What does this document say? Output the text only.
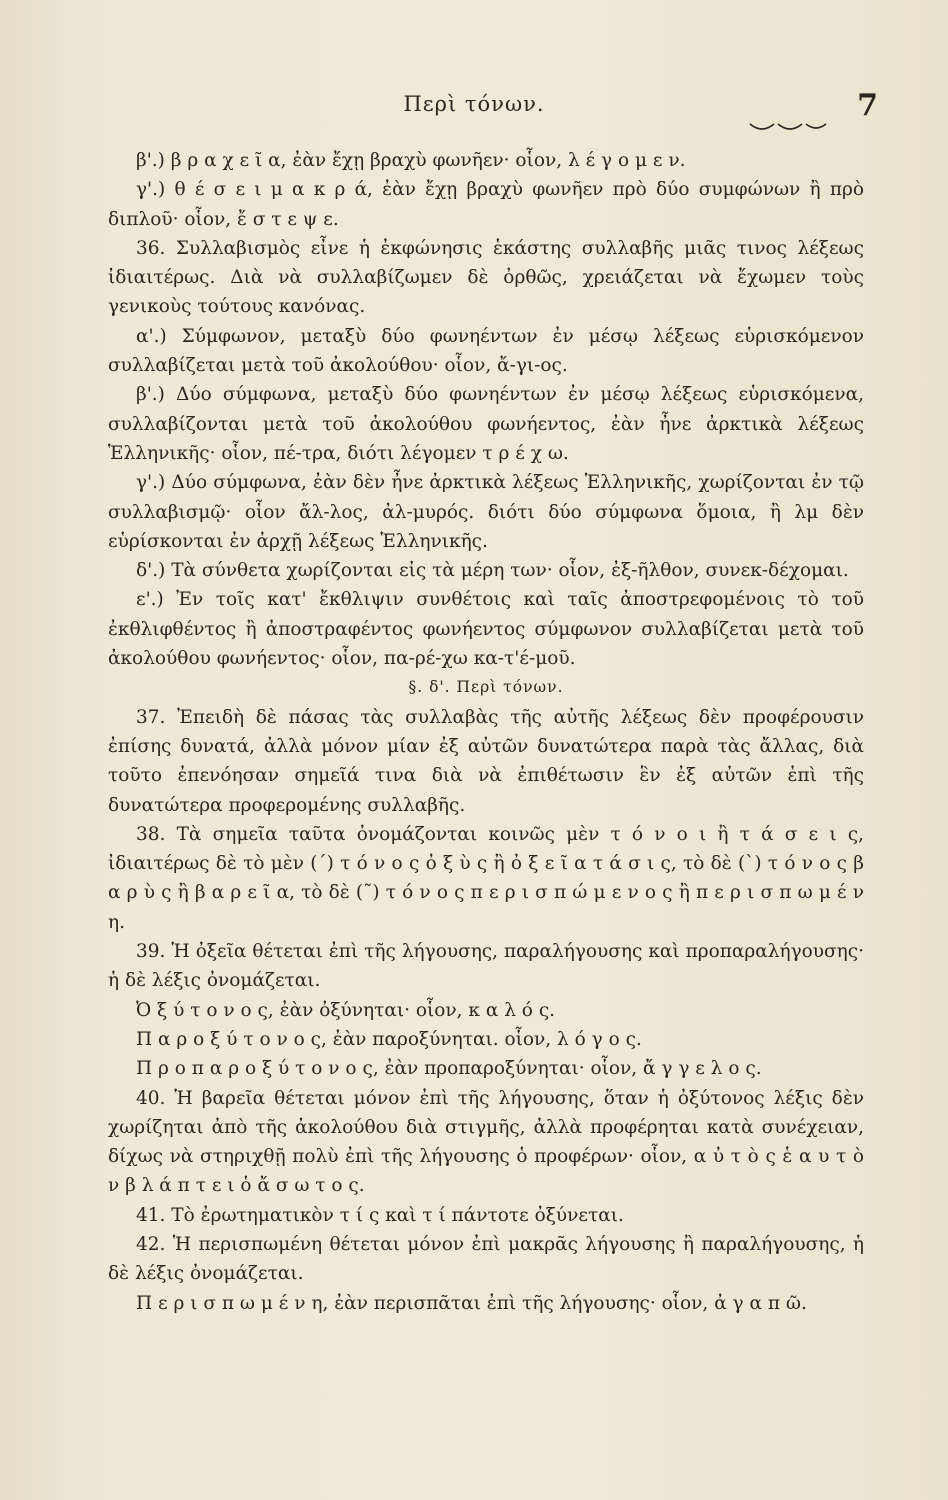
Περὶ τόνων.	7

β'.) β ρ α χ ε ῖ α, ἐὰν ἔχῃ βραχὺ φωνῆεν· οἷον, λ έ γ ο μ ε ν.

γ'.) θ έ σ ε ι μ α κ ρ ά, ἐὰν ἔχῃ βραχὺ φωνῆεν πρὸ δύο συμφώνων ἢ πρὸ διπλοῦ· οἷον, ἔ σ τ ε ψ ε.

36. Συλλαβισμὸς εἶνε ἡ ἐκφώνησις ἑκάστης συλλαβῆς μιᾶς τινος λέξεως ἰδιαιτέρως. Διὰ νὰ συλλαβίζωμεν δὲ ὀρθῶς, χρειάζεται νὰ ἔχωμεν τοὺς γενικοὺς τούτους κανόνας.

α'.) Σύμφωνον, μεταξὺ δύο φωνηέντων ἐν μέσῳ λέξεως εὑρισκόμενον συλλαβίζεται μετὰ τοῦ ἀκολούθου· οἷον, ἄ-γι-ος.

β'.) Δύο σύμφωνα, μεταξὺ δύο φωνηέντων ἐν μέσῳ λέξεως εὑρισκόμενα, συλλαβίζονται μετὰ τοῦ ἀκολούθου φωνήεντος, ἐὰν ἦνε ἀρκτικὰ λέξεως Ἑλληνικῆς· οἷον, πέ-τρα, διότι λέγομεν τ ρ έ χ ω.

γ'.) Δύο σύμφωνα, ἐὰν δὲν ἦνε ἀρκτικὰ λέξεως Ἑλληνικῆς, χωρίζονται ἐν τῷ συλλαβισμῷ· οἷον ἄλ-λος, ἀλ-μυρός. διότι δύο σύμφωνα ὅμοια, ἢ λμ δὲν εὑρίσκονται ἐν ἀρχῇ λέξεως Ἑλληνικῆς.

δ'.) Τὰ σύνθετα χωρίζονται εἰς τὰ μέρη των· οἷον, ἐξ-ῆλθον, συνεκ-δέχομαι.

ε'.) Ἐν τοῖς κατ' ἔκθλιψιν συνθέτοις καὶ ταῖς ἀποστρεφομένοις τὸ τοῦ ἐκθλιφθέντος ἢ ἀποστραφέντος φωνήεντος σύμφωνον συλλαβίζεται μετὰ τοῦ ἀκολούθου φωνήεντος· οἷον, πα-ρέ-χω κα-τ'έ-μοῦ.

§. δ'. Περὶ τόνων.

37. Ἐπειδὴ δὲ πάσας τὰς συλλαβὰς τῆς αὐτῆς λέξεως δὲν προφέρουσιν ἐπίσης δυνατά, ἀλλὰ μόνον μίαν ἐξ αὐτῶν δυνατώτερα παρὰ τὰς ἄλλας, διὰ τοῦτο ἐπενόησαν σημεῖά τινα διὰ νὰ ἐπιθέτωσιν ἓν ἐξ αὐτῶν ἐπὶ τῆς δυνατώτερα προφερομένης συλλαβῆς.

38. Τὰ σημεῖα ταῦτα ὀνομάζονται κοινῶς μὲν τ ό ν ο ι ἢ τ ά σ ε ι ς, ἰδιαιτέρως δὲ τὸ μὲν (´) τ ό ν ο ς ὀ ξ ὺ ς ἢ ὀ ξ ε ῖ α τ ά σ ι ς, τὸ δὲ (`) τ ό ν ο ς β α ρ ὺ ς ἢ β α ρ ε ῖ α, τὸ δὲ (῀) τ ό ν ο ς π ε ρ ι σ π ώ μ ε ν ο ς ἢ π ε ρ ι σ π ω μ έ ν η.

39. Ἡ ὀξεῖα θέτεται ἐπὶ τῆς λήγουσης, παραλήγουσης καὶ προπαραλήγουσης· ἡ δὲ λέξις ὀνομάζεται.

Ὀ ξ ύ τ ο ν ο ς, ἐὰν ὀξύνηται· οἷον, κ α λ ό ς.

Π α ρ ο ξ ύ τ ο ν ο ς, ἐὰν παροξύνηται. οἷον, λ ό γ ο ς.

Π ρ ο π α ρ ο ξ ύ τ ο ν ο ς, ἐὰν προπαροξύνηται· οἷον, ἄ γ γ ε λ ο ς.

40. Ἡ βαρεῖα θέτεται μόνον ἐπὶ τῆς λήγουσης, ὅταν ἡ ὀξύτονος λέξις δὲν χωρίζηται ἀπὸ τῆς ἀκολούθου διὰ στιγμῆς, ἀλλὰ προφέρηται κατὰ συνέχειαν, δίχως νὰ στηριχθῇ πολὺ ἐπὶ τῆς λήγουσης ὁ προφέρων· οἷον, α ὐ τ ὸ ς ἑ α υ τ ὸ ν β λ ά π τ ε ι ὁ ἄ σ ω τ ο ς.

41. Τὸ ἐρωτηματικὸν τ ί ς καὶ τ ί πάντοτε ὀξύνεται.

42. Ἡ περισπωμένη θέτεται μόνον ἐπὶ μακρᾶς λήγουσης ἢ παραλήγουσης, ἡ δὲ λέξις ὀνομάζεται.

Π ε ρ ι σ π ω μ έ ν η, ἐὰν περισπᾶται ἐπὶ τῆς λήγουσης· οἷον, ἀ γ α π ῶ.
